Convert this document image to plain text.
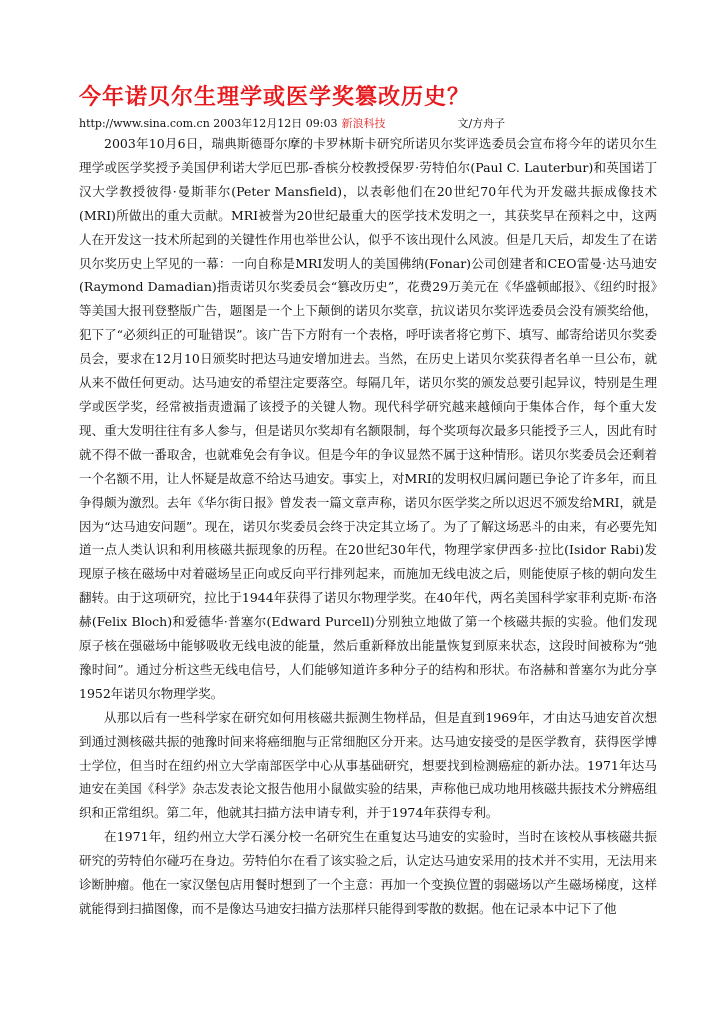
今年诺贝尔生理学或医学奖篡改历史？
http://www.sina.com.cn 2003年12月12日 09:03 新浪科技	文/方舟子

2003年10月6日，瑞典斯德哥尔摩的卡罗林斯卡研究所诺贝尔奖评选委员会宣布将今年的诺贝尔生理学或医学奖授予美国伊利诺大学厄巴那-香槟分校教授保罗·劳特伯尔(Paul C. Lauterbur)和英国诺丁汉大学教授彼得·曼斯菲尔(Peter Mansfield)，以表彰他们在20世纪70年代为开发磁共振成像技术(MRI)所做出的重大贡献。MRI被誉为20世纪最重大的医学技术发明之一，其获奖早在预料之中，这两人在开发这一技术所起到的关键性作用也举世公认，似乎不该出现什么风波。但是几天后，却发生了在诺贝尔奖历史上罕见的一幕：一向自称是MRI发明人的美国佛纳(Fonar)公司创建者和CEO雷曼·达马迪安(Raymond Damadian)指责诺贝尔奖委员会“篡改历史”，花费29万美元在《华盛顿邮报》、《纽约时报》等美国大报刊登整版广告，题图是一个上下颠倒的诺贝尔奖章，抗议诺贝尔奖评选委员会没有颁奖给他，犯下了“必须纠正的可耻错误”。该广告下方附有一个表格，呼吁读者将它剪下、填写、邮寄给诺贝尔奖委员会，要求在12月10日颁奖时把达马迪安增加进去。当然，在历史上诺贝尔奖获得者名单一旦公布，就从来不做任何更动。达马迪安的希望注定要落空。每隔几年，诺贝尔奖的颁发总要引起异议，特别是生理学或医学奖，经常被指责遗漏了该授予的关键人物。现代科学研究越来越倾向于集体合作，每个重大发现、重大发明往往有多人参与，但是诺贝尔奖却有名额限制，每个奖项每次最多只能授予三人，因此有时就不得不做一番取舍，也就难免会有争议。但是今年的争议显然不属于这种情形。诺贝尔奖委员会还剩着一个名额不用，让人怀疑是故意不给达马迪安。事实上，对MRI的发明权归属问题已争论了许多年，而且争得颇为激烈。去年《华尔街日报》曾发表一篇文章声称，诺贝尔医学奖之所以迟迟不颁发给MRI，就是因为“达马迪安问题”。现在，诺贝尔奖委员会终于决定其立场了。为了了解这场恶斗的由来，有必要先知道一点人类认识和利用核磁共振现象的历程。在20世纪30年代，物理学家伊西多·拉比(Isidor Rabi)发现原子核在磁场中对着磁场呈正向或反向平行排列起来，而施加无线电波之后，则能使原子核的朝向发生翻转。由于这项研究，拉比于1944年获得了诺贝尔物理学奖。在40年代，两名美国科学家菲利克斯·布洛赫(Felix Bloch)和爱德华·普塞尔(Edward Purcell)分别独立地做了第一个核磁共振的实验。他们发现原子核在强磁场中能够吸收无线电波的能量，然后重新释放出能量恢复到原来状态，这段时间被称为“弛豫时间”。通过分析这些无线电信号，人们能够知道许多种分子的结构和形状。布洛赫和普塞尔为此分享1952年诺贝尔物理学奖。

从那以后有一些科学家在研究如何用核磁共振测生物样品，但是直到1969年，才由达马迪安首次想到通过测核磁共振的弛豫时间来将癌细胞与正常细胞区分开来。达马迪安接受的是医学教育，获得医学博士学位，但当时在纽约州立大学南部医学中心从事基础研究，想要找到检测癌症的新办法。1971年达马迪安在美国《科学》杂志发表论文报告他用小鼠做实验的结果，声称他已成功地用核磁共振技术分辨癌组织和正常组织。第二年，他就其扫描方法申请专利，并于1974年获得专利。

在1971年，纽约州立大学石溪分校一名研究生在重复达马迪安的实验时，当时在该校从事核磁共振研究的劳特伯尔碰巧在身边。劳特伯尔在看了该实验之后，认定达马迪安采用的技术并不实用，无法用来诊断肿瘤。他在一家汉堡包店用餐时想到了一个主意：再加一个变换位置的弱磁场以产生磁场梯度，这样就能得到扫描图像，而不是像达马迪安扫描方法那样只能得到零散的数据。他在记录本中记下了他
